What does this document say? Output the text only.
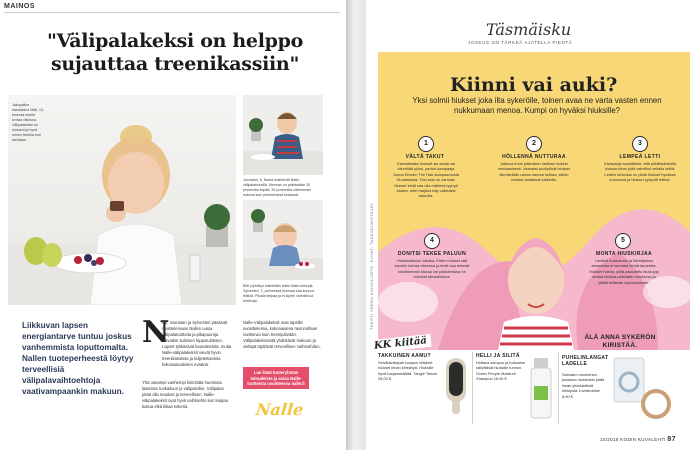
MAINOS
"Välipalakeksi on helppo sujauttaa treenikassiin"
Jakupallon harrastava Nelli, 13, treenaa monta kertaa viikossa. Välipalakeksi on mukava ja hyvä ennen treenia kun tarvitaan.
Joonatan, 5, Nasta leikitelivät Nalle-välipalakeksillä. Mennas on pelkästään 30 prosenttia leipää, 30 prosenttia vähemmän sokeria kuin perinteisissä keksissä.
BMI pyöräilyt mielellään leikki Nalle-keksejä Sylvesteri, 1, perheessä kimmaa saa kunnon leikkiä. Pikalla kelpaa ja ei kipein valmistuva herkkuja.
Liikkuvan lapsen energiantarve tuntuu joskus vanhemmista loputtomalta. Nallen tuoteperheestä löytyy terveellisiä välipalavaihtoehtoja vaativampaankin makuun.
N
elli, Joonatan ja Sylvesteri pääsivät maistelemaan Nallen uusia välipalatuotteita ja pikapuuroja saivatkin suloisen lopputuloksen. Lapset tykkäsivät kauraleivistä, mutta Nalle-välipalakeksit vievät hyvin treenikassissa ja kuljetettavissa kokonaisuuksien eväänä.
Yhä useampi vanhempi kiinnittää huomiota lastensa ruokailuun ja välipaloihin. Välipalan pitää olla maukas ja terveellinen. Nalle-välipalakeksit ovat hyvä vaihtoehto kun kaipaa kuitua eikä liikaa sokeria.
Nalle-Välipalakeksit ovat tapsille suosittelemia, kokonaisena ravinnoltaan ravitsevia kuin treenipäivään. Välipalakeksiestä yhdistävät makuun ja vieläpä täyttävät terveellisen vaihtoehdon.
Lue lisää tuoteryhmän taloudeista ja asiaa Nalle-tuotteista osoitteessa nalle.fi
Nalle
Täsmäisku
JOSKUS ON TÄRKEÄ AJATELLA PIENTÄ
Kiinni vai auki?
Yksi solmii hiukset joka ilta sykerölle, toinen avaa ne varta vasten ennen nukkumaan menoa. Kumpi on hyväksi hiuksille?
1
VÄLTÄ TAKUT
Kannattaako hiukset sis avata vai kiinnittää yöksi, parturi-kampaaja Jonna Kivinen The Hair-kampaamosta Huutaisosta. Yksi asia on varmaa: hiukset eivät saa olla märkinä tyynyä vasten, ettei harjaus käy vaikeaksi aamulla.
2
HÖLLENNÄ NUTTURAA
Jalkuva kone pitämisen rasittaa hiuksia mekaanisesti. Vaaraksi puolipitkät hiukset kiinnitetään usean samaa kohtaa, silloin hiukset saattavat katkeilla.
3
LEMPEÄ LETTI
Kampaaja suosittelee, että pitkähiuksisilla hiuksia kiinni pidä valmiiksi veltalla letillä. Lettien tarkoitus on pitää hiukset hyvässä kunnossa ja hiukset pysyvät lettinä.
4
DONITSI TEKEE PALUUN
Hiuksetaksion vallalla. Enten hiukset sitä kauniin kuivaa otteessa ja eivät saa tekevät kinnikkeestä kiskaa vai palautettuna ne toimivat taivaallisena.
5
MONTA HIUSKIRJAA
Lenkkiä kuiskausta ja kiinnityksen avaamista ei kannata tehdä tarpeetta. Hiukset hoitaa, yöllä palautettu hiustuppi auttaa hiuksia pitämään muotonsa ja jättää kiiltävän lopputuloksen.
TEKSTI VEERA KUUSILUOTO. KUVAT: TASÄVALMISTAJAT
KK kiitää	ÄLÄ ANNA SYKERÖN KIRISTÄÄ.
TAKKUINEN AAMU?
Selvittäväsipari harjaus silisiiset hiukset ilman kiristelyä. Hiuksille hyvä harjansisältää. Tangle Teezer 25,00 €.
HELLI JA SILITÄ
Hoitava sampoo ja hoitoaine säilyttävät hiuksille tunnon. Green People Moisture Shampoo 16,90 €.
PUHELINLANGAT LADELLE
Sarrasim muotoinen, joustava hiuslenkki pitää ilman ylimääräistä kiristystä. Invisibobble 6,90 €.
10/2018 KODIN KUVALEHTI 87
